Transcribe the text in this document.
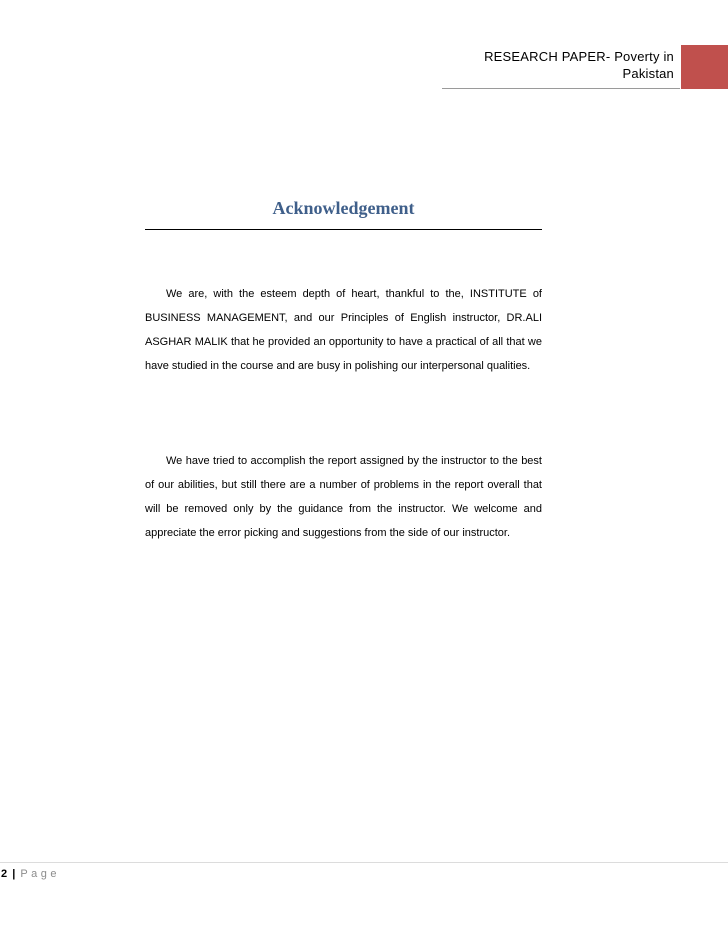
RESEARCH PAPER- Poverty in
Pakistan
Acknowledgement

We are, with the esteem depth of heart, thankful to the, INSTITUTE of BUSINESS MANAGEMENT, and our Principles of English instructor, DR.ALI ASGHAR MALIK that he provided an opportunity to have a practical of all that we have studied in the course and are busy in polishing our interpersonal qualities.

We have tried to accomplish the report assigned by the instructor to the best of our abilities, but still there are a number of problems in the report overall that will be removed only by the guidance from the instructor. We welcome and appreciate the error picking and suggestions from the side of our instructor.

2 | Page
